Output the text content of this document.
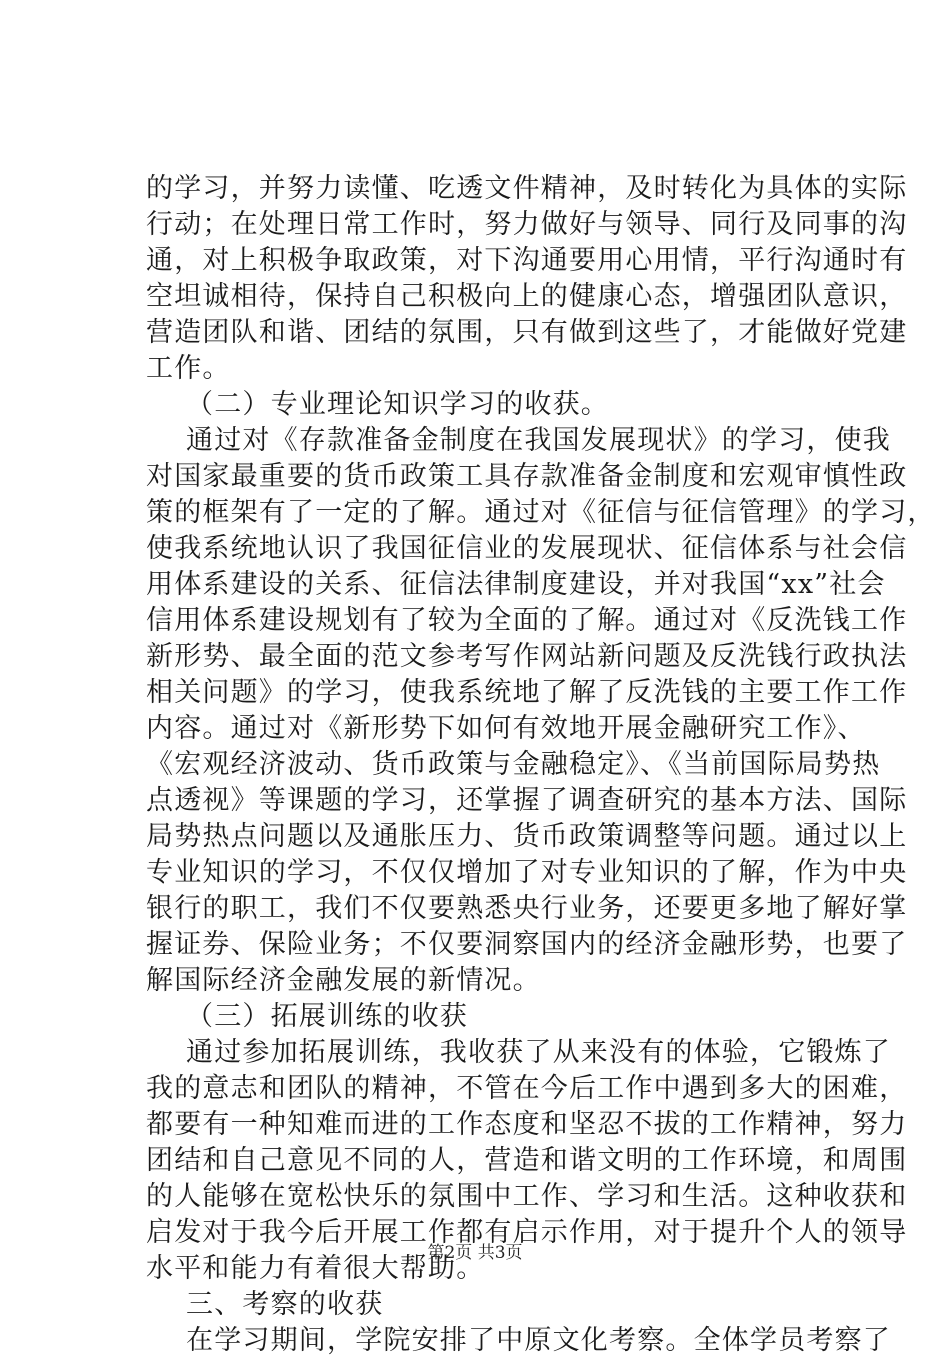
的学习，并努力读懂、吃透文件精神，及时转化为具体的实际
行动；在处理日常工作时，努力做好与领导、同行及同事的沟
通，对上积极争取政策，对下沟通要用心用情，平行沟通时有
空坦诚相待，保持自己积极向上的健康心态，增强团队意识，
营造团队和谐、团结的氛围，只有做到这些了，才能做好党建
工作。
（二）专业理论知识学习的收获。
通过对《存款准备金制度在我国发展现状》的学习，使我
对国家最重要的货币政策工具存款准备金制度和宏观审慎性政
策的框架有了一定的了解。通过对《征信与征信管理》的学习，
使我系统地认识了我国征信业的发展现状、征信体系与社会信
用体系建设的关系、征信法律制度建设，并对我国“xx”社会
信用体系建设规划有了较为全面的了解。通过对《反洗钱工作
新形势、最全面的范文参考写作网站新问题及反洗钱行政执法
相关问题》的学习，使我系统地了解了反洗钱的主要工作工作
内容。通过对《新形势下如何有效地开展金融研究工作》、
《宏观经济波动、货币政策与金融稳定》、《当前国际局势热
点透视》等课题的学习，还掌握了调查研究的基本方法、国际
局势热点问题以及通胀压力、货币政策调整等问题。通过以上
专业知识的学习，不仅仅增加了对专业知识的了解，作为中央
银行的职工，我们不仅要熟悉央行业务，还要更多地了解好掌
握证券、保险业务；不仅要洞察国内的经济金融形势，也要了
解国际经济金融发展的新情况。
（三）拓展训练的收获
通过参加拓展训练，我收获了从来没有的体验，它锻炼了
我的意志和团队的精神，不管在今后工作中遇到多大的困难，
都要有一种知难而进的工作态度和坚忍不拔的工作精神，努力
团结和自己意见不同的人，营造和谐文明的工作环境，和周围
的人能够在宽松快乐的氛围中工作、学习和生活。这种收获和
启发对于我今后开展工作都有启示作用，对于提升个人的领导
水平和能力有着很大帮助。
三、考察的收获
在学习期间，学院安排了中原文化考察。全体学员考察了
第2页 共3页
